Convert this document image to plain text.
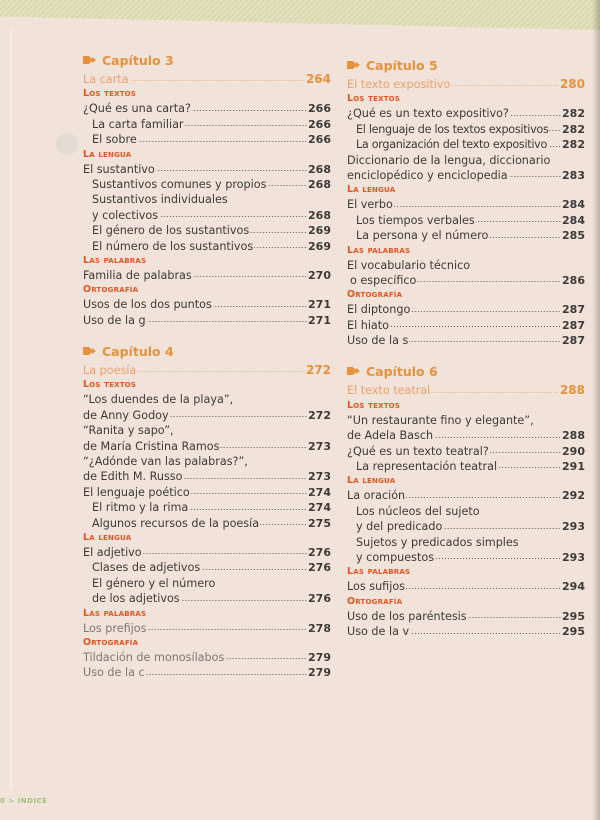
Capítulo 3
La carta	264
Los textos
¿Qué es una carta?	266
La carta familiar	266
El sobre	266
La lengua
El sustantivo	268
Sustantivos comunes y propios	268
Sustantivos individuales
y colectivos	268
El género de los sustantivos	269
El número de los sustantivos	269
Las palabras
Familia de palabras	270
Ortografía
Usos de los dos puntos	271
Uso de la g	271
Capítulo 4
La poesía	272
Los textos
“Los duendes de la playa”,
de Anny Godoy	272
“Ranita y sapo”,
de María Cristina Ramos	273
“¿Adónde van las palabras?”,
de Edith M. Russo	273
El lenguaje poético	274
El ritmo y la rima	274
Algunos recursos de la poesía	275
La lengua
El adjetivo	276
Clases de adjetivos	276
El género y el número
de los adjetivos	276
Las palabras
Los prefijos	278
Ortografía
Tildación de monosílabos	279
Uso de la c	279
Capítulo 5
El texto expositivo	280
Los textos
¿Qué es un texto expositivo?	282
El lenguaje de los textos expositivos 282
La organización del texto expositivo 282
Diccionario de la lengua, diccionario
enciclopédico y enciclopedia	283
La lengua
El verbo	284
Los tiempos verbales	284
La persona y el número	285
Las palabras
El vocabulario técnico
o específico	286
Ortografía
El diptongo	287
El hiato	287
Uso de la s	287
Capítulo 6
El texto teatral	288
Los textos
“Un restaurante fino y elegante”,
de Adela Basch	288
¿Qué es un texto teatral?	290
La representación teatral	291
La lengua
La oración	292
Los núcleos del sujeto
y del predicado	293
Sujetos y predicados simples
y compuestos	293
Las palabras
Los sufijos	294
Ortografía
Uso de los paréntesis	295
Uso de la v	295
0 > ÍNDICE
